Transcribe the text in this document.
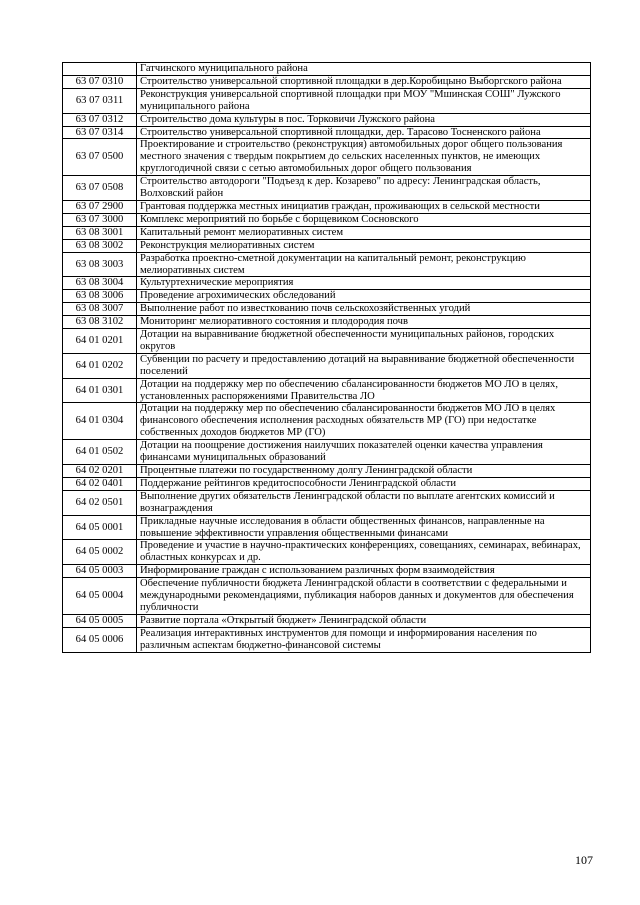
	Гатчинского муниципального района
63 07 0310	Строительство универсальной спортивной площадки в дер.Коробицыно Выборгского района
63 07 0311	Реконструкция универсальной спортивной площадки при МОУ "Мшинская СОШ" Лужского муниципального района
63 07 0312	Строительство дома культуры в пос. Торковичи Лужского района
63 07 0314	Строительство универсальной спортивной площадки, дер. Тарасово Тосненского района
63 07 0500	Проектирование и строительство (реконструкция) автомобильных дорог общего пользования местного значения с твердым покрытием до сельских населенных пунктов, не имеющих круглогодичной связи с сетью автомобильных дорог общего пользования
63 07 0508	Строительство автодороги "Подъезд к дер. Козарево" по адресу: Ленинградская область, Волховский район
63 07 2900	Грантовая поддержка местных инициатив граждан, проживающих в сельской местности
63 07 3000	Комплекс мероприятий по борьбе с борщевиком Сосновского
63 08 3001	Капитальный ремонт мелиоративных систем
63 08 3002	Реконструкция мелиоративных систем
63 08 3003	Разработка проектно-сметной документации на капитальный ремонт, реконструкцию мелиоративных систем
63 08 3004	Культуртехнические мероприятия
63 08 3006	Проведение агрохимических обследований
63 08 3007	Выполнение работ по известкованию почв сельскохозяйственных угодий
63 08 3102	Мониторинг мелиоративного состояния и плодородия почв
64 01 0201	Дотации на выравнивание бюджетной обеспеченности муниципальных районов, городских округов
64 01 0202	Субвенции по расчету и предоставлению дотаций на выравнивание бюджетной обеспеченности поселений
64 01 0301	Дотации на поддержку мер по обеспечению сбалансированности бюджетов МО ЛО в целях, установленных распоряжениями Правительства ЛО
64 01 0304	Дотации на поддержку мер по обеспечению сбалансированности бюджетов МО ЛО в целях финансового обеспечения исполнения расходных обязательств МР (ГО) при недостатке собственных доходов бюджетов МР (ГО)
64 01 0502	Дотации на поощрение достижения наилучших показателей оценки качества управления финансами муниципальных образований
64 02 0201	Процентные платежи по государственному долгу Ленинградской области
64 02 0401	Поддержание рейтингов кредитоспособности Ленинградской области
64 02 0501	Выполнение других обязательств Ленинградской области по выплате агентских комиссий и вознаграждения
64 05 0001	Прикладные научные исследования в области общественных финансов, направленные на повышение эффективности управления общественными финансами
64 05 0002	Проведение и участие в научно-практических конференциях, совещаниях, семинарах, вебинарах, областных конкурсах и др.
64 05 0003	Информирование граждан с использованием различных форм взаимодействия
64 05 0004	Обеспечение публичности бюджета Ленинградской области в соответствии с федеральными и международными рекомендациями, публикация наборов данных и документов для обеспечения публичности
64 05 0005	Развитие портала «Открытый бюджет» Ленинградской области
64 05 0006	Реализация интерактивных инструментов для помощи и информирования населения по различным аспектам бюджетно-финансовой системы
107
